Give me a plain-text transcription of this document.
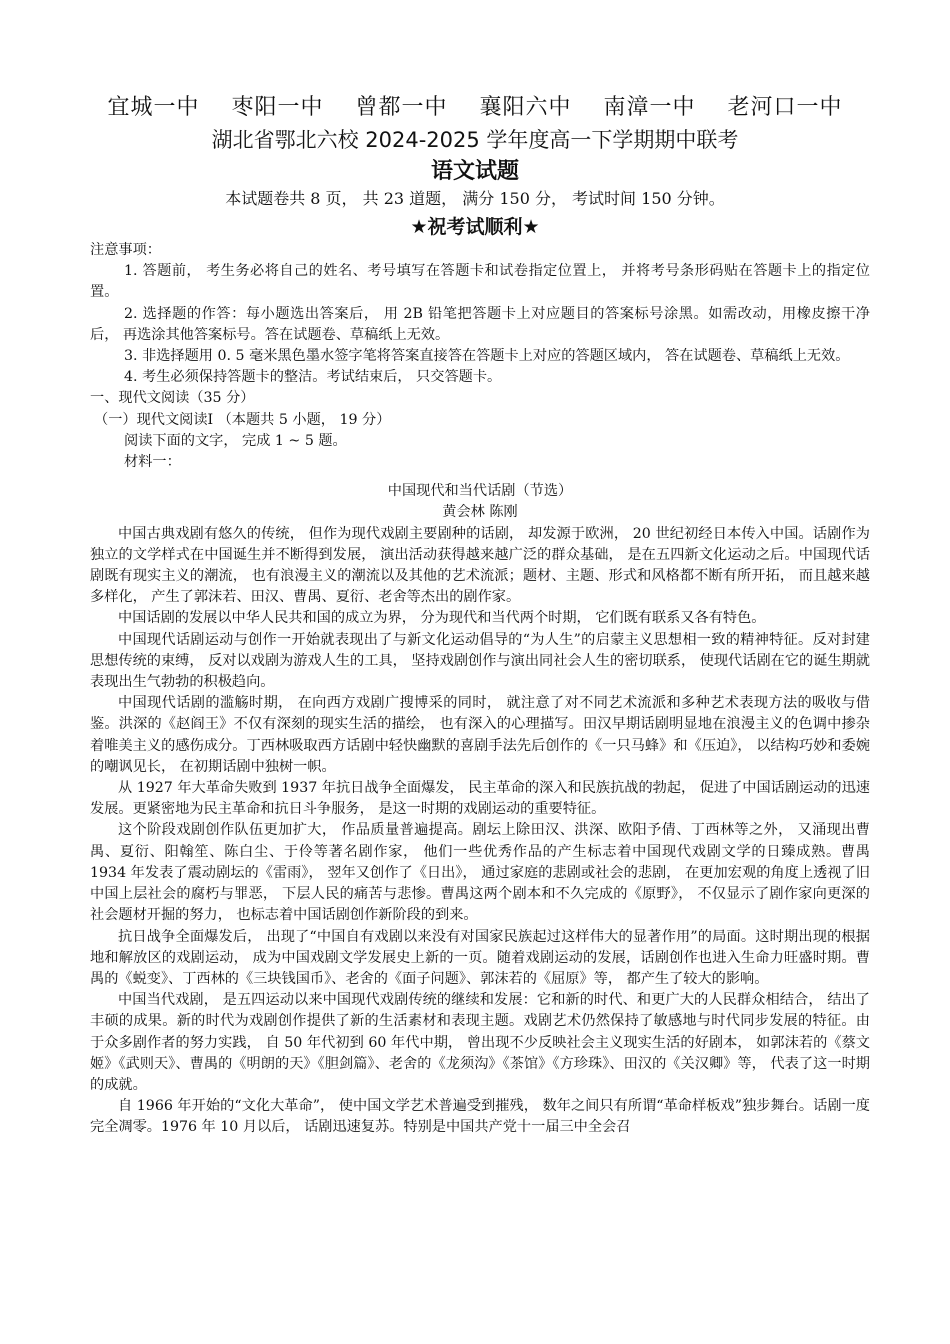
宜城一中 枣阳一中 曾都一中 襄阳六中 南漳一中 老河口一中
湖北省鄂北六校 2024-2025 学年度高一下学期期中联考
语文试题
本试题卷共 8 页， 共 23 道题， 满分 150 分， 考试时间 150 分钟。
★祝考试顺利★

注意事项：

1. 答题前， 考生务必将自己的姓名、考号填写在答题卡和试卷指定位置上， 并将考号条形码贴在答题卡上的指定位置。

2. 选择题的作答：每小题选出答案后， 用 2B 铅笔把答题卡上对应题目的答案标号涂黑。如需改动，用橡皮擦干净后， 再选涂其他答案标号。答在试题卷、草稿纸上无效。

3. 非选择题用 0. 5 毫米黑色墨水签字笔将答案直接答在答题卡上对应的答题区域内， 答在试题卷、草稿纸上无效。

4. 考生必须保持答题卡的整洁。考试结束后， 只交答题卡。

一、现代文阅读（35 分）

（一）现代文阅读Ⅰ （本题共 5 小题， 19 分）

阅读下面的文字， 完成 1 ~ 5 题。

材料一：

中国现代和当代话剧（节选）

黄会林 陈刚

中国古典戏剧有悠久的传统， 但作为现代戏剧主要剧种的话剧， 却发源于欧洲， 20 世纪初经日本传入中国。话剧作为独立的文学样式在中国诞生并不断得到发展， 演出活动获得越来越广泛的群众基础， 是在五四新文化运动之后。中国现代话剧既有现实主义的潮流， 也有浪漫主义的潮流以及其他的艺术流派；题材、主题、形式和风格都不断有所开拓， 而且越来越多样化， 产生了郭沫若、田汉、曹禺、夏衍、老舍等杰出的剧作家。

中国话剧的发展以中华人民共和国的成立为界， 分为现代和当代两个时期， 它们既有联系又各有特色。

中国现代话剧运动与创作一开始就表现出了与新文化运动倡导的“为人生”的启蒙主义思想相一致的精神特征。反对封建思想传统的束缚， 反对以戏剧为游戏人生的工具， 坚持戏剧创作与演出同社会人生的密切联系， 使现代话剧在它的诞生期就表现出生气勃勃的积极趋向。

中国现代话剧的滥觞时期， 在向西方戏剧广搜博采的同时， 就注意了对不同艺术流派和多种艺术表现方法的吸收与借鉴。洪深的《赵阎王》不仅有深刻的现实生活的描绘， 也有深入的心理描写。田汉早期话剧明显地在浪漫主义的色调中掺杂着唯美主义的感伤成分。丁西林吸取西方话剧中轻快幽默的喜剧手法先后创作的《一只马蜂》和《压迫》， 以结构巧妙和委婉的嘲讽见长， 在初期话剧中独树一帜。

从 1927 年大革命失败到 1937 年抗日战争全面爆发， 民主革命的深入和民族抗战的勃起， 促进了中国话剧运动的迅速发展。更紧密地为民主革命和抗日斗争服务， 是这一时期的戏剧运动的重要特征。

这个阶段戏剧创作队伍更加扩大， 作品质量普遍提高。剧坛上除田汉、洪深、欧阳予倩、丁西林等之外， 又涌现出曹禺、夏衍、阳翰笙、陈白尘、于伶等著名剧作家， 他们一些优秀作品的产生标志着中国现代戏剧文学的日臻成熟。曹禺 1934 年发表了震动剧坛的《雷雨》， 翌年又创作了《日出》， 通过家庭的悲剧或社会的悲剧， 在更加宏观的角度上透视了旧中国上层社会的腐朽与罪恶， 下层人民的痛苦与悲惨。曹禺这两个剧本和不久完成的《原野》， 不仅显示了剧作家向更深的社会题材开掘的努力， 也标志着中国话剧创作新阶段的到来。

抗日战争全面爆发后， 出现了“中国自有戏剧以来没有对国家民族起过这样伟大的显著作用”的局面。这时期出现的根据地和解放区的戏剧运动， 成为中国戏剧文学发展史上新的一页。随着戏剧运动的发展，话剧创作也进入生命力旺盛时期。曹禺的《蜕变》、丁西林的《三块钱国币》、老舍的《面子问题》、郭沫若的《屈原》等， 都产生了较大的影响。

中国当代戏剧， 是五四运动以来中国现代戏剧传统的继续和发展：它和新的时代、和更广大的人民群众相结合， 结出了丰硕的成果。新的时代为戏剧创作提供了新的生活素材和表现主题。戏剧艺术仍然保持了敏感地与时代同步发展的特征。由于众多剧作者的努力实践， 自 50 年代初到 60 年代中期， 曾出现不少反映社会主义现实生活的好剧本， 如郭沫若的《蔡文姬》《武则天》、曹禺的《明朗的天》《胆剑篇》、老舍的《龙须沟》《茶馆》《方珍珠》、田汉的《关汉卿》等， 代表了这一时期的成就。

自 1966 年开始的“文化大革命”， 使中国文学艺术普遍受到摧残， 数年之间只有所谓“革命样板戏”独步舞台。话剧一度完全凋零。1976 年 10 月以后， 话剧迅速复苏。特别是中国共产党十一届三中全会召
